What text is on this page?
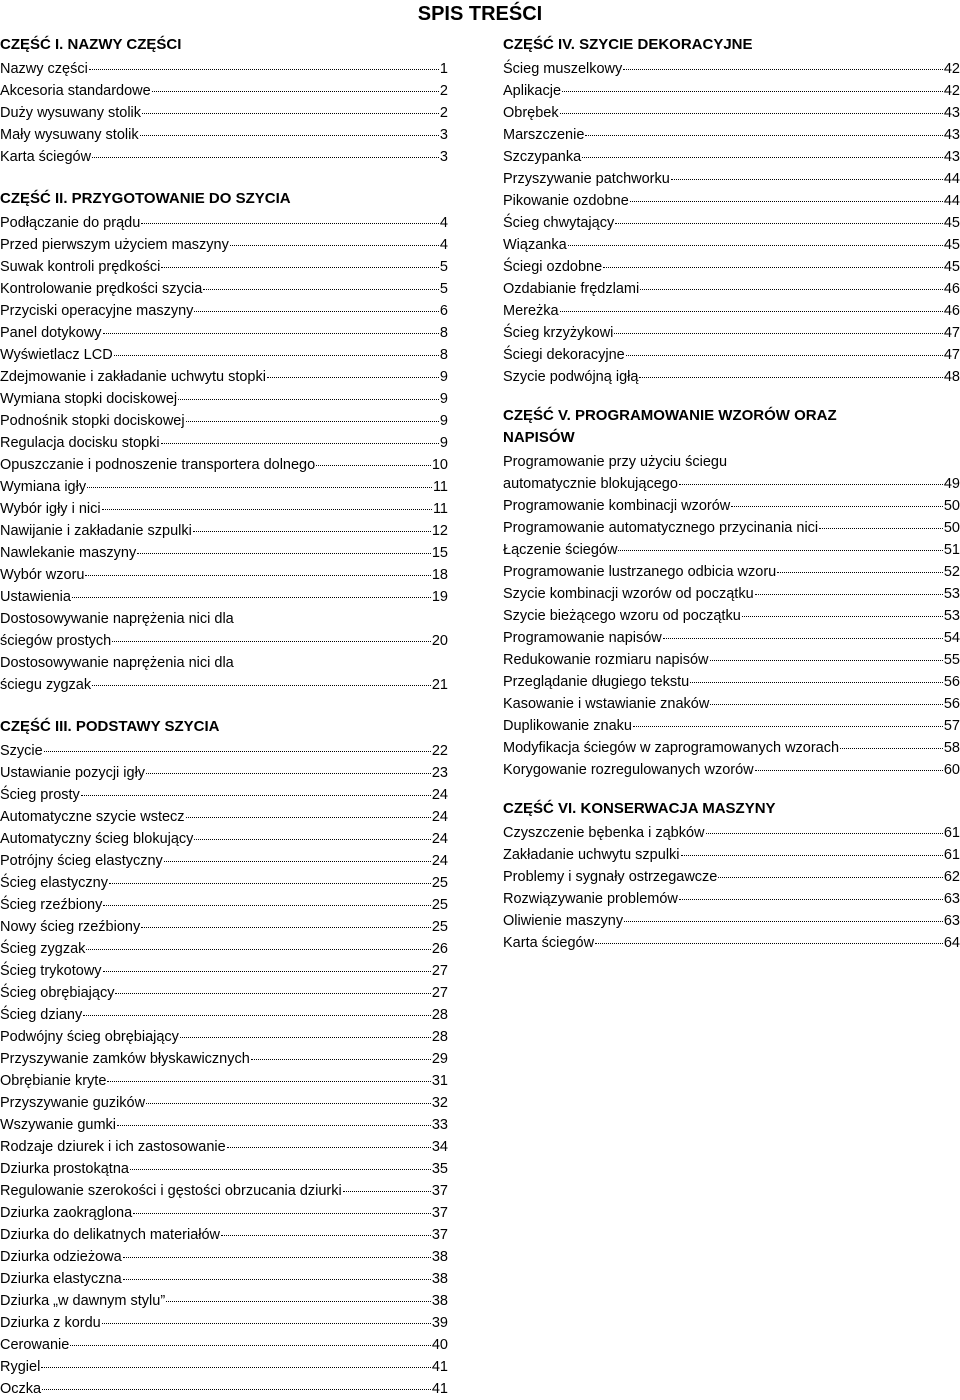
SPIS TREŚCI
CZĘŚĆ I. NAZWY CZĘŚCI
Nazwy części	1
Akcesoria standardowe	2
Duży wysuwany stolik	2
Mały wysuwany stolik	3
Karta ściegów	3
CZĘŚĆ II. PRZYGOTOWANIE DO SZYCIA
Podłączanie do prądu	4
Przed pierwszym użyciem maszyny	4
Suwak kontroli prędkości	5
Kontrolowanie prędkości szycia	5
Przyciski operacyjne maszyny	6
Panel dotykowy	8
Wyświetlacz LCD	8
Zdejmowanie i zakładanie uchwytu stopki	9
Wymiana stopki dociskowej	9
Podnośnik stopki dociskowej	9
Regulacja docisku stopki	9
Opuszczanie i podnoszenie transportera dolnego	10
Wymiana igły	11
Wybór igły i nici	11
Nawijanie i zakładanie szpulki	12
Nawlekanie maszyny	15
Wybór wzoru	18
Ustawienia	19
Dostosowywanie naprężenia nici dla
ściegów prostych	20
Dostosowywanie naprężenia nici dla
ściegu zygzak	21
CZĘŚĆ III. PODSTAWY SZYCIA
Szycie	22
Ustawianie pozycji igły	23
Ścieg prosty	24
Automatyczne szycie wstecz	24
Automatyczny ścieg blokujący	24
Potrójny ścieg elastyczny	24
Ścieg elastyczny	25
Ścieg rzeźbiony	25
Nowy ścieg rzeźbiony	25
Ścieg zygzak	26
Ścieg trykotowy	27
Ścieg obrębiający	27
Ścieg dziany	28
Podwójny ścieg obrębiający	28
Przyszywanie zamków błyskawicznych	29
Obrębianie kryte	31
Przyszywanie guzików	32
Wszywanie gumki	33
Rodzaje dziurek i ich zastosowanie	34
Dziurka prostokątna	35
Regulowanie szerokości i gęstości obrzucania dziurki	37
Dziurka zaokrąglona	37
Dziurka do delikatnych materiałów	37
Dziurka odzieżowa	38
Dziurka elastyczna	38
Dziurka „w dawnym stylu”	38
Dziurka z kordu	39
Cerowanie	40
Rygiel	41
Oczka	41
CZĘŚĆ IV. SZYCIE DEKORACYJNE
Ścieg muszelkowy	42
Aplikacje	42
Obrębek	43
Marszczenie	43
Szczypanka	43
Przyszywanie patchworku	44
Pikowanie ozdobne	44
Ścieg chwytający	45
Wiązanka	45
Ściegi ozdobne	45
Ozdabianie frędzlami	46
Mereżka	46
Ścieg krzyżykowi	47
Ściegi dekoracyjne	47
Szycie podwójną igłą	48
CZĘŚĆ V. PROGRAMOWANIE WZORÓW ORAZ
NAPISÓW
Programowanie przy użyciu ściegu
automatycznie blokującego	49
Programowanie kombinacji wzorów	50
Programowanie automatycznego przycinania nici	50
Łączenie ściegów	51
Programowanie lustrzanego odbicia wzoru	52
Szycie kombinacji wzorów od początku	53
Szycie bieżącego wzoru od początku	53
Programowanie napisów	54
Redukowanie rozmiaru napisów	55
Przeglądanie długiego tekstu	56
Kasowanie i wstawianie znaków	56
Duplikowanie znaku	57
Modyfikacja ściegów w zaprogramowanych wzorach	58
Korygowanie rozregulowanych wzorów	60
CZĘŚĆ VI. KONSERWACJA MASZYNY
Czyszczenie bębenka i ząbków	61
Zakładanie uchwytu szpulki	61
Problemy i sygnały ostrzegawcze	62
Rozwiązywanie problemów	63
Oliwienie maszyny	63
Karta ściegów	64
